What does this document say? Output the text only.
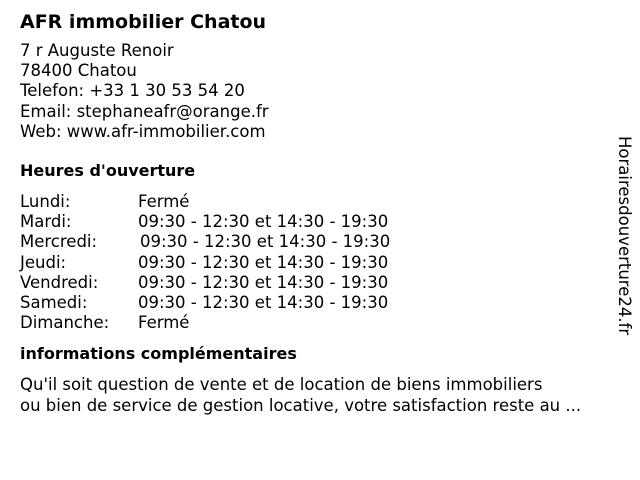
AFR immobilier Chatou
7 r Auguste Renoir
78400 Chatou
Telefon: +33 1 30 53 54 20
Email: stephaneafr@orange.fr
Web: www.afr-immobilier.com
Heures d'ouverture
Lundi:	Fermé
Mardi:	09:30 - 12:30 et 14:30 - 19:30
Mercredi:	09:30 - 12:30 et 14:30 - 19:30
Jeudi:	09:30 - 12:30 et 14:30 - 19:30
Vendredi:	09:30 - 12:30 et 14:30 - 19:30
Samedi:	09:30 - 12:30 et 14:30 - 19:30
Dimanche:	Fermé
informations complémentaires
Qu'il soit question de vente et de location de biens immobiliers
ou bien de service de gestion locative, votre satisfaction reste au ...
Horairesdouverture24.fr
